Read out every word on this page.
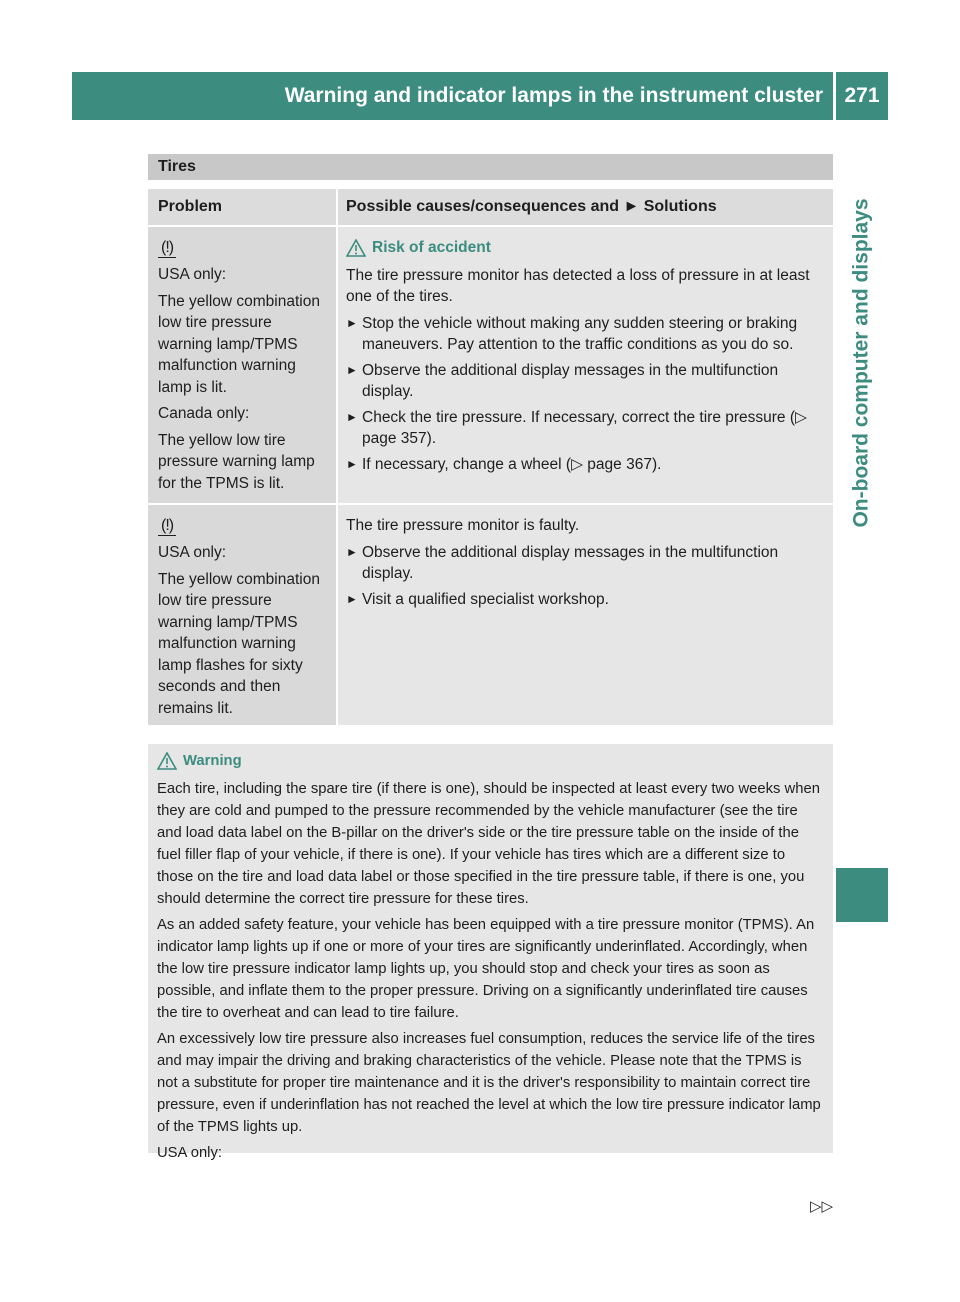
Warning and indicator lamps in the instrument cluster	271
On-board computer and displays
Tires
Problem	Possible causes/consequences and ► Solutions
(!)

USA only:

The yellow combination low tire pressure warning lamp/TPMS malfunction warning lamp is lit.

Canada only:

The yellow low tire pressure warning lamp for the TPMS is lit.

Risk of accident

The tire pressure monitor has detected a loss of pressure in at least one of the tires.

► Stop the vehicle without making any sudden steering or braking maneuvers. Pay attention to the traffic conditions as you do so.
► Observe the additional display messages in the multifunction display.
► Check the tire pressure. If necessary, correct the tire pressure (▷ page 357).
► If necessary, change a wheel (▷ page 367).
(!)

USA only:

The yellow combination low tire pressure warning lamp/TPMS malfunction warning lamp flashes for sixty seconds and then remains lit.

The tire pressure monitor is faulty.

► Observe the additional display messages in the multifunction display.
► Visit a qualified specialist workshop.
Warning

Each tire, including the spare tire (if there is one), should be inspected at least every two weeks when they are cold and pumped to the pressure recommended by the vehicle manufacturer (see the tire and load data label on the B-pillar on the driver's side or the tire pressure table on the inside of the fuel filler flap of your vehicle, if there is one). If your vehicle has tires which are a different size to those on the tire and load data label or those specified in the tire pressure table, if there is one, you should determine the correct tire pressure for these tires.

As an added safety feature, your vehicle has been equipped with a tire pressure monitor (TPMS). An indicator lamp lights up if one or more of your tires are significantly underinflated. Accordingly, when the low tire pressure indicator lamp lights up, you should stop and check your tires as soon as possible, and inflate them to the proper pressure. Driving on a significantly underinflated tire causes the tire to overheat and can lead to tire failure.

An excessively low tire pressure also increases fuel consumption, reduces the service life of the tires and may impair the driving and braking characteristics of the vehicle. Please note that the TPMS is not a substitute for proper tire maintenance and it is the driver's responsibility to maintain correct tire pressure, even if underinflation has not reached the level at which the low tire pressure indicator lamp of the TPMS lights up.

USA only:

▷▷
